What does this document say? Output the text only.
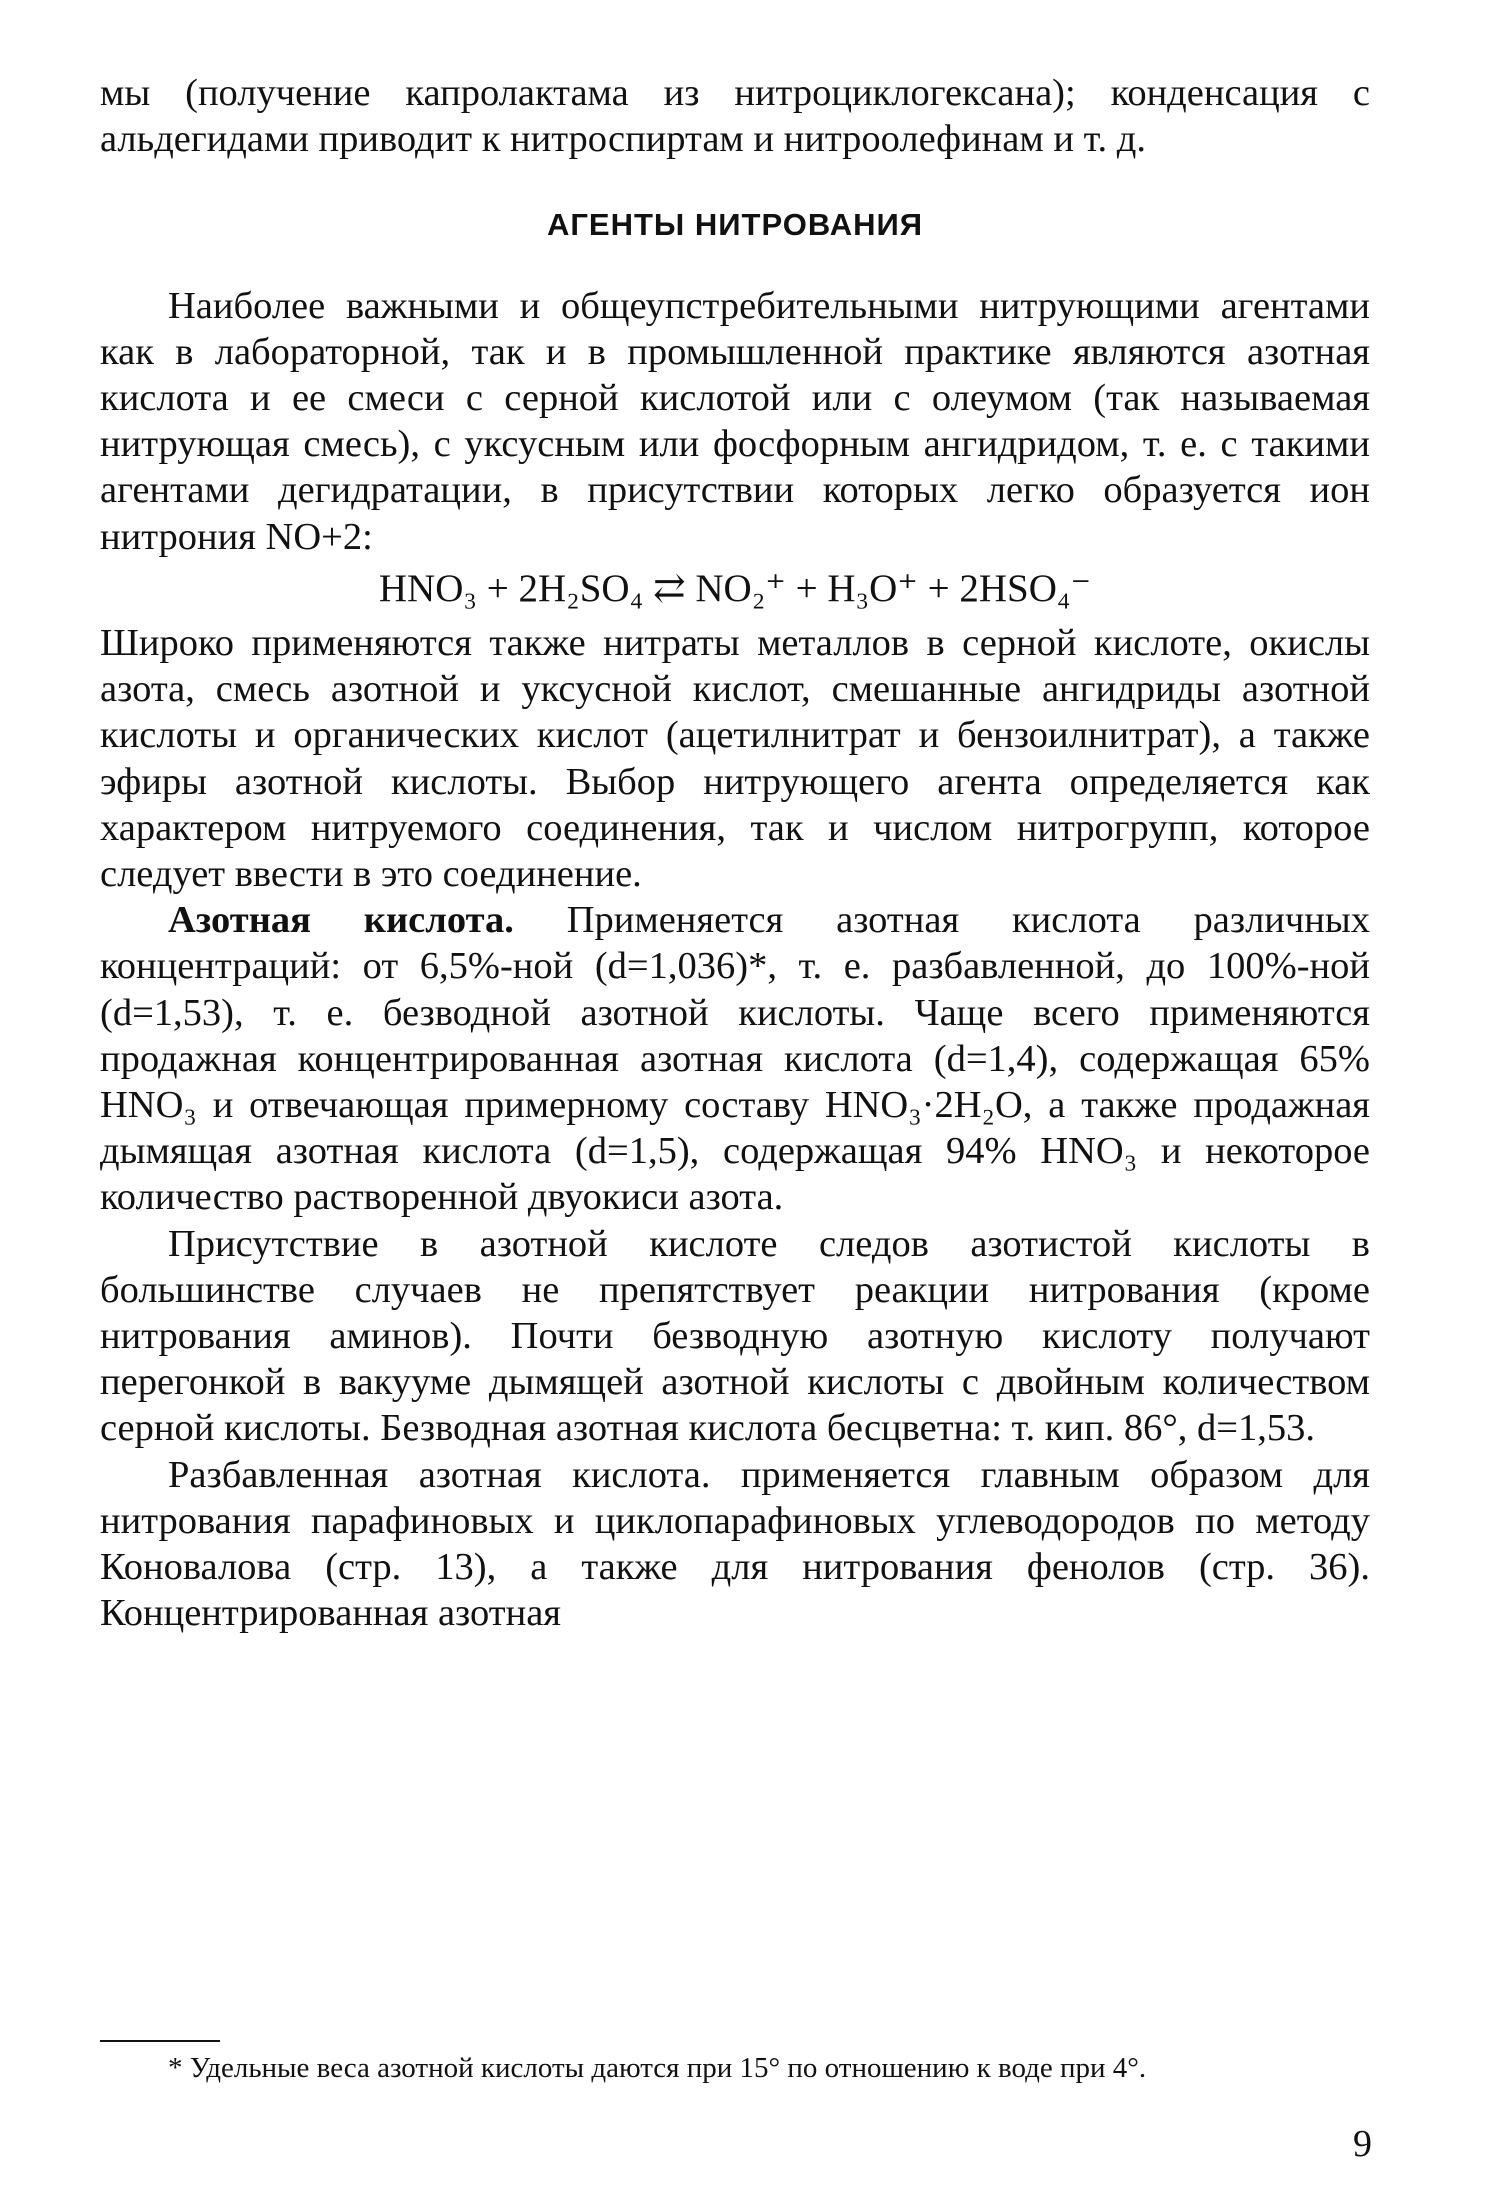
мы (получение капролактама из нитроциклогексана); конденсация с альдегидами приводит к нитроспиртам и нитроолефинам и т. д.

АГЕНТЫ НИТРОВАНИЯ

Наиболее важными и общеупстребительными нитрующими агентами как в лабораторной, так и в промышленной практике являются азотная кислота и ее смеси с серной кислотой или с олеумом (так называемая нитрующая смесь), с уксусным или фосфорным ангидридом, т. е. с такими агентами дегидратации, в присутствии которых легко образуется ион нитрония NO+2:

HNO₃ + 2H₂SO₄ ⇄ NO₂⁺ + H₃O⁺ + 2HSO₄⁻

Широко применяются также нитраты металлов в серной кислоте, окислы азота, смесь азотной и уксусной кислот, смешанные ангидриды азотной кислоты и органических кислот (ацетилнитрат и бензоилнитрат), а также эфиры азотной кислоты. Выбор нитрующего агента определяется как характером нитруемого соединения, так и числом нитрогрупп, которое следует ввести в это соединение.

Азотная кислота. Применяется азотная кислота различных концентраций: от 6,5%-ной (d=1,036)*, т. е. разбавленной, до 100%-ной (d=1,53), т. е. безводной азотной кислоты. Чаще всего применяются продажная концентрированная азотная кислота (d=1,4), содержащая 65% HNO₃ и отвечающая примерному составу HNO₃·2H₂O, а также продажная дымящая азотная кислота (d=1,5), содержащая 94% HNO₃ и некоторое количество растворенной двуокиси азота.

Присутствие в азотной кислоте следов азотистой кислоты в большинстве случаев не препятствует реакции нитрования (кроме нитрования аминов). Почти безводную азотную кислоту получают перегонкой в вакууме дымящей азотной кислоты с двойным количеством серной кислоты. Безводная азотная кислота бесцветна: т. кип. 86°, d=1,53.

Разбавленная азотная кислота. применяется главным образом для нитрования парафиновых и циклопарафиновых углеводородов по методу Коновалова (стр. 13), а также для нитрования фенолов (стр. 36). Концентрированная азотная

* Удельные веса азотной кислоты даются при 15° по отношению к воде при 4°.
9
